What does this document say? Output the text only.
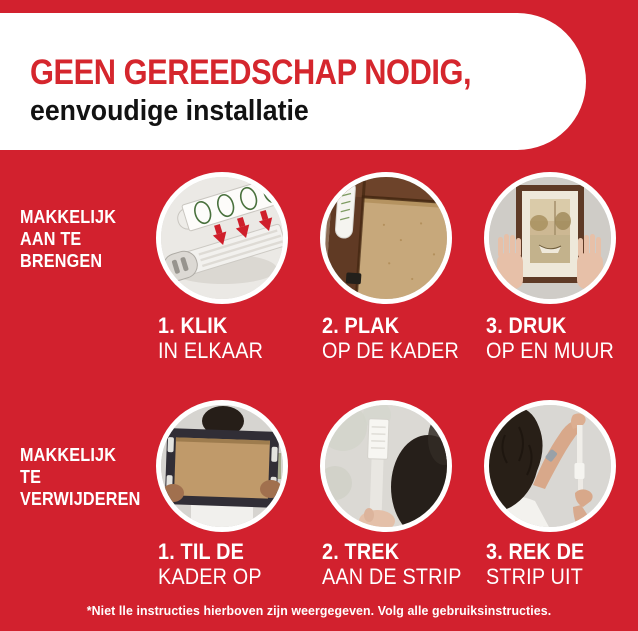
GEEN GEREEDSCHAP NODIG,
eenvoudige installatie
MAKKELIJK
AAN TE
BRENGEN
1. KLIK
IN ELKAAR
2. PLAK
OP DE KADER
3. DRUK
OP EN MUUR
MAKKELIJK
TE
VERWIJDEREN
1. TIL DE
KADER OP
2. TREK
AAN DE STRIP
3. REK DE
STRIP UIT
*Niet lle instructies hierboven zijn weergegeven. Volg alle gebruiksinstructies.
